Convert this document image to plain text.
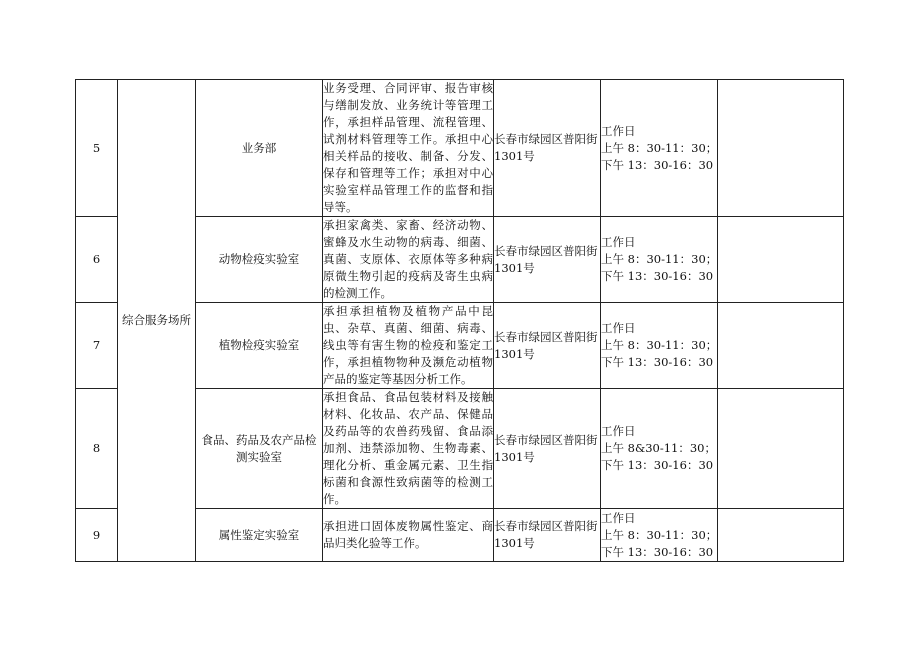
5	综合服务场所	业务部	业务受理、合同评审、报告审核与缮制发放、业务统计等管理工作，承担样品管理、流程管理、试剂材料管理等工作。承担中心相关样品的接收、制备、分发、保存和管理等工作；承担对中心实验室样品管理工作的监督和指导等。	长春市绿园区普阳街1301号	工作日
上午 8：30-11：30；
下午 13：30-16：30	

6		动物检疫实验室	承担家禽类、家畜、经济动物、蜜蜂及水生动物的病毒、细菌、真菌、支原体、衣原体等多种病原微生物引起的疫病及寄生虫病的检测工作。	长春市绿园区普阳街1301号	工作日
上午 8：30-11：30；
下午 13：30-16：30	

7		植物检疫实验室	承担承担植物及植物产品中昆虫、杂草、真菌、细菌、病毒、线虫等有害生物的检疫和鉴定工作，承担植物物种及濒危动植物产品的鉴定等基因分析工作。	长春市绿园区普阳街1301号	工作日
上午 8：30-11：30；
下午 13：30-16：30	

8		食品、药品及农产品检测实验室	承担食品、食品包装材料及接触材料、化妆品、农产品、保健品及药品等的农兽药残留、食品添加剂、违禁添加物、生物毒素、理化分析、重金属元素、卫生指标菌和食源性致病菌等的检测工作。	长春市绿园区普阳街1301号	工作日
上午 8&30-11：30；
下午 13：30-16：30	

9		属性鉴定实验室	承担进口固体废物属性鉴定、商品归类化验等工作。	长春市绿园区普阳街1301号	工作日
上午 8：30-11：30；
下午 13：30-16：30	
